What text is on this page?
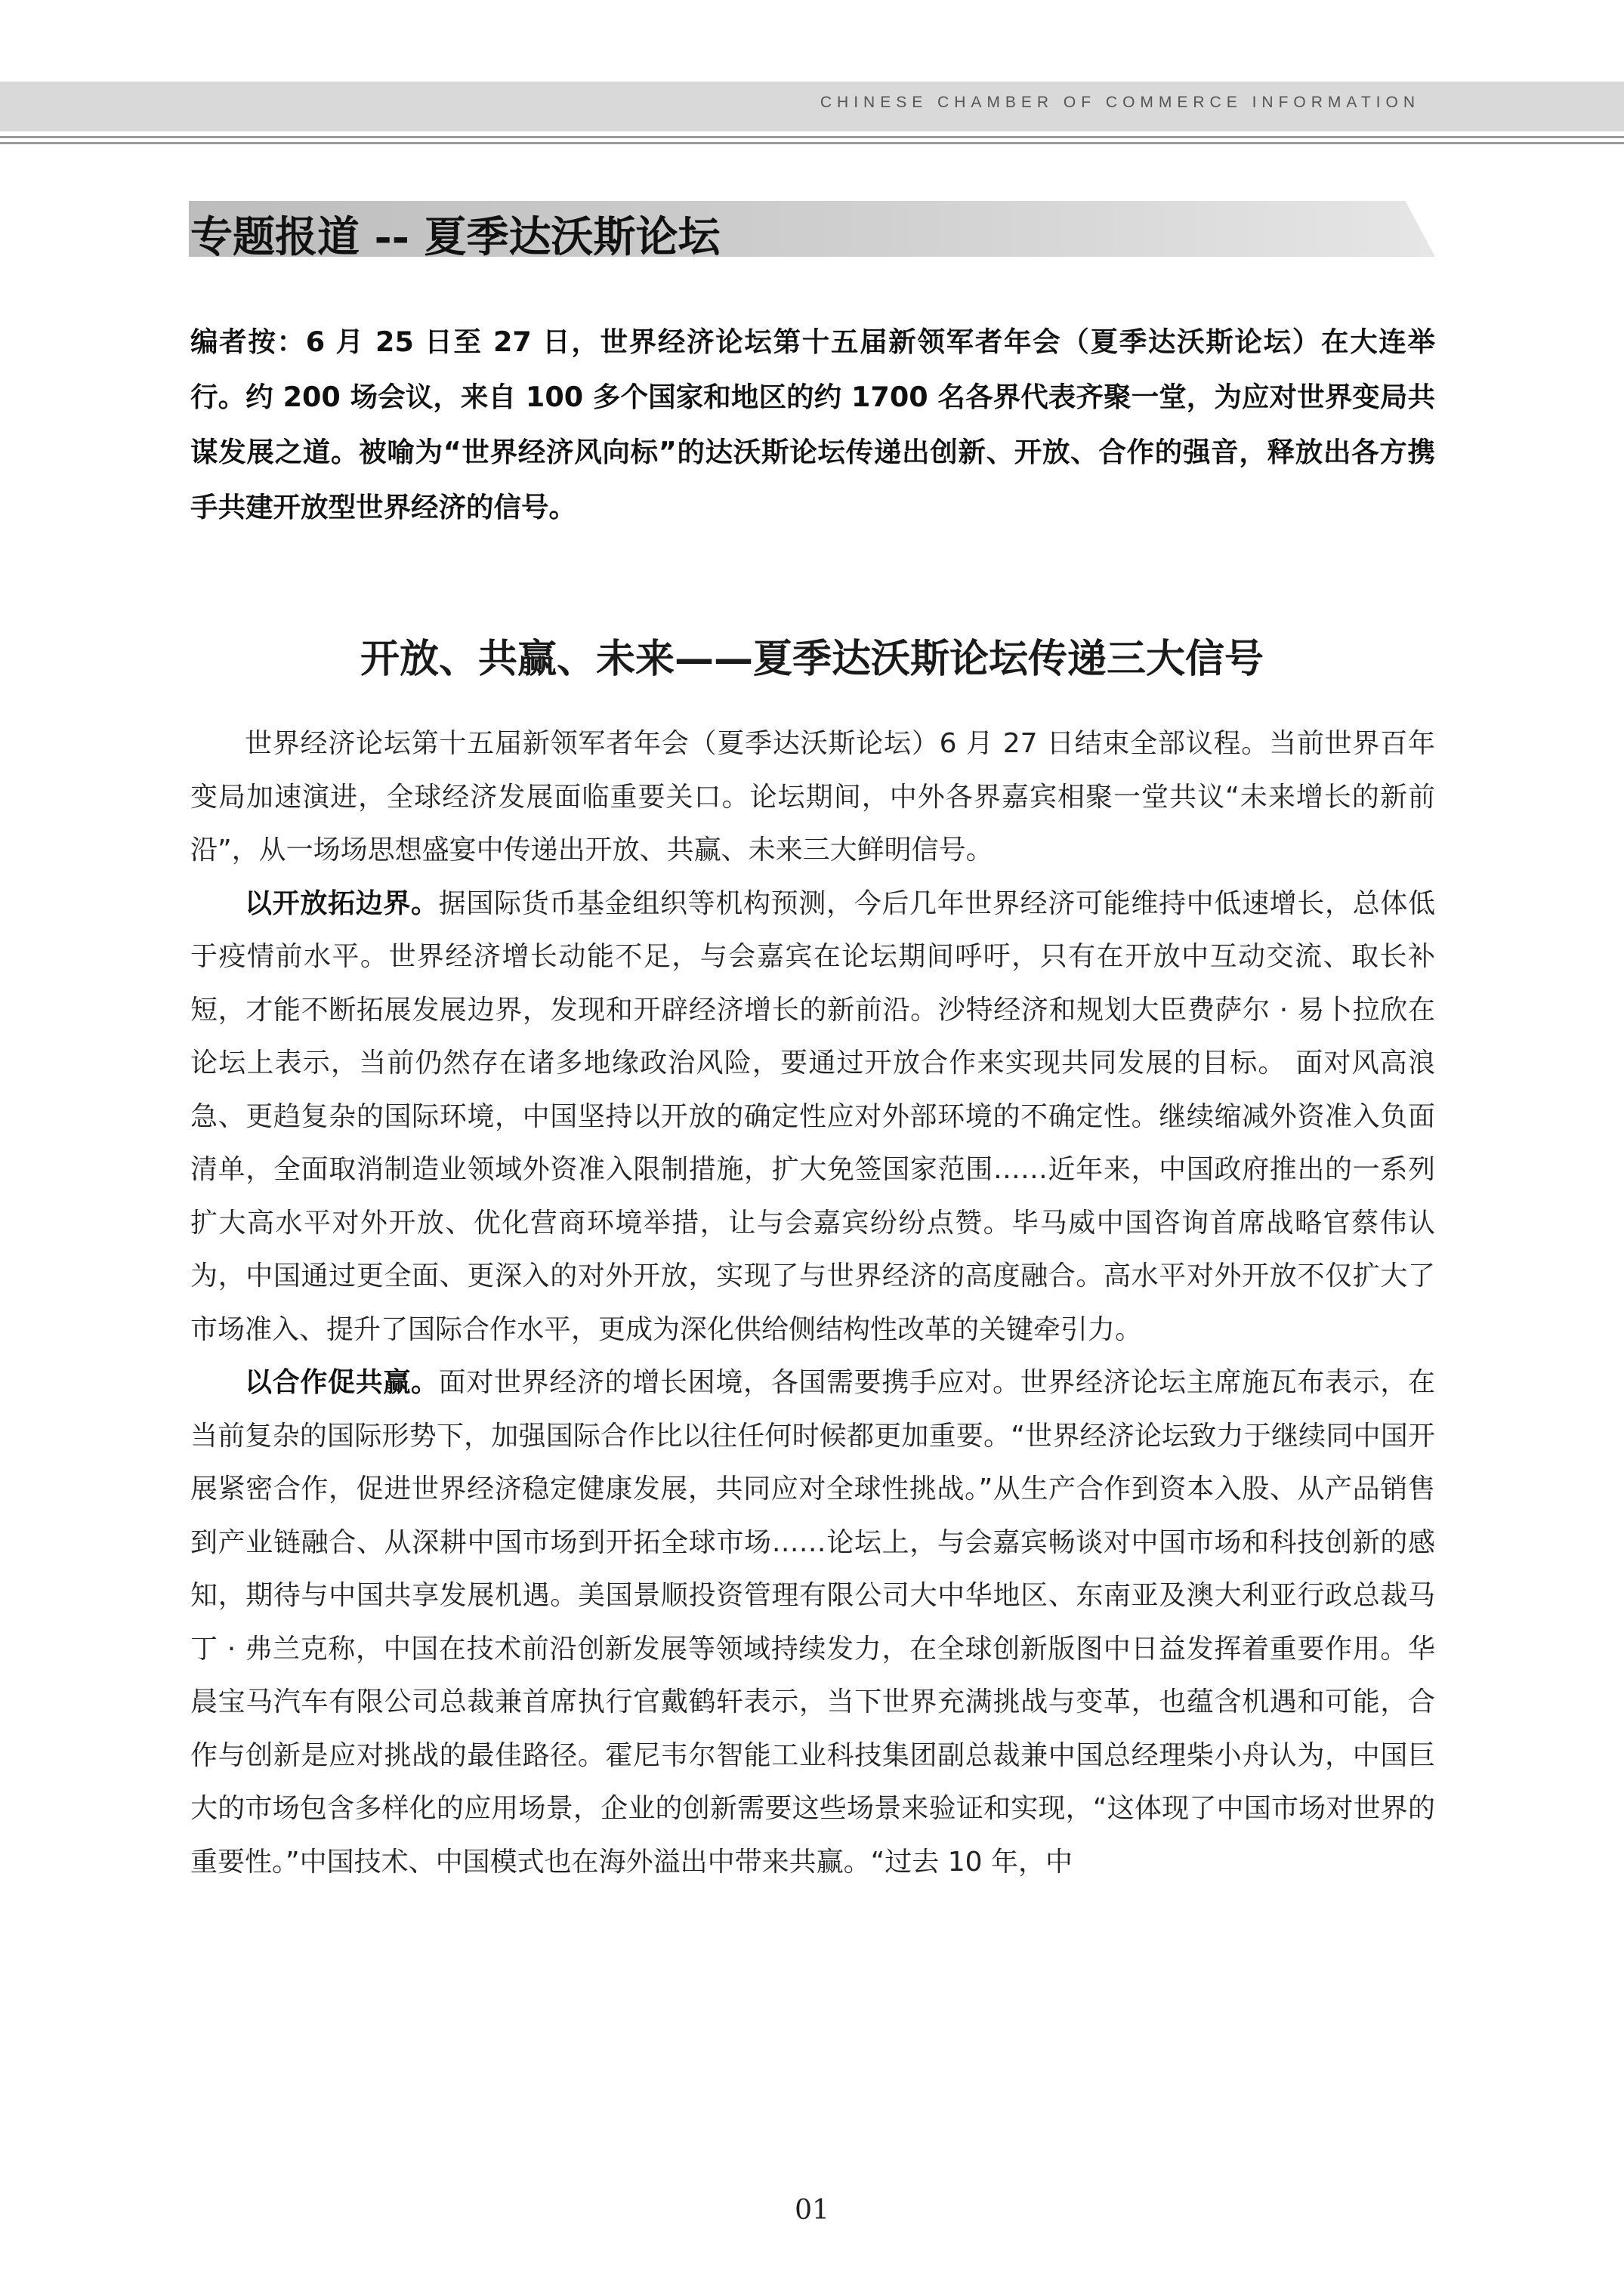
CHINESE CHAMBER OF COMMERCE INFORMATION
专题报道 -- 夏季达沃斯论坛
编者按：6 月 25 日至 27 日，世界经济论坛第十五届新领军者年会（夏季达沃斯论坛）在大连举行。约 200 场会议，来自 100 多个国家和地区的约 1700 名各界代表齐聚一堂，为应对世界变局共谋发展之道。被喻为“世界经济风向标”的达沃斯论坛传递出创新、开放、合作的强音，释放出各方携手共建开放型世界经济的信号。
开放、共赢、未来——夏季达沃斯论坛传递三大信号

世界经济论坛第十五届新领军者年会（夏季达沃斯论坛）6 月 27 日结束全部议程。当前世界百年变局加速演进，全球经济发展面临重要关口。论坛期间，中外各界嘉宾相聚一堂共议“未来增长的新前沿”，从一场场思想盛宴中传递出开放、共赢、未来三大鲜明信号。

以开放拓边界。据国际货币基金组织等机构预测，今后几年世界经济可能维持中低速增长，总体低于疫情前水平。世界经济增长动能不足，与会嘉宾在论坛期间呼吁，只有在开放中互动交流、取长补短，才能不断拓展发展边界，发现和开辟经济增长的新前沿。沙特经济和规划大臣费萨尔 · 易卜拉欣在论坛上表示，当前仍然存在诸多地缘政治风险，要通过开放合作来实现共同发展的目标。 面对风高浪急、更趋复杂的国际环境，中国坚持以开放的确定性应对外部环境的不确定性。继续缩减外资准入负面清单，全面取消制造业领域外资准入限制措施，扩大免签国家范围……近年来，中国政府推出的一系列扩大高水平对外开放、优化营商环境举措，让与会嘉宾纷纷点赞。毕马威中国咨询首席战略官蔡伟认为，中国通过更全面、更深入的对外开放，实现了与世界经济的高度融合。高水平对外开放不仅扩大了市场准入、提升了国际合作水平，更成为深化供给侧结构性改革的关键牵引力。

以合作促共赢。面对世界经济的增长困境，各国需要携手应对。世界经济论坛主席施瓦布表示，在当前复杂的国际形势下，加强国际合作比以往任何时候都更加重要。“世界经济论坛致力于继续同中国开展紧密合作，促进世界经济稳定健康发展，共同应对全球性挑战。”从生产合作到资本入股、从产品销售到产业链融合、从深耕中国市场到开拓全球市场……论坛上，与会嘉宾畅谈对中国市场和科技创新的感知，期待与中国共享发展机遇。美国景顺投资管理有限公司大中华地区、东南亚及澳大利亚行政总裁马丁 · 弗兰克称，中国在技术前沿创新发展等领域持续发力，在全球创新版图中日益发挥着重要作用。华晨宝马汽车有限公司总裁兼首席执行官戴鹤轩表示，当下世界充满挑战与变革，也蕴含机遇和可能，合作与创新是应对挑战的最佳路径。霍尼韦尔智能工业科技集团副总裁兼中国总经理柴小舟认为，中国巨大的市场包含多样化的应用场景，企业的创新需要这些场景来验证和实现，“这体现了中国市场对世界的重要性。”中国技术、中国模式也在海外溢出中带来共赢。“过去 10 年，中

01
